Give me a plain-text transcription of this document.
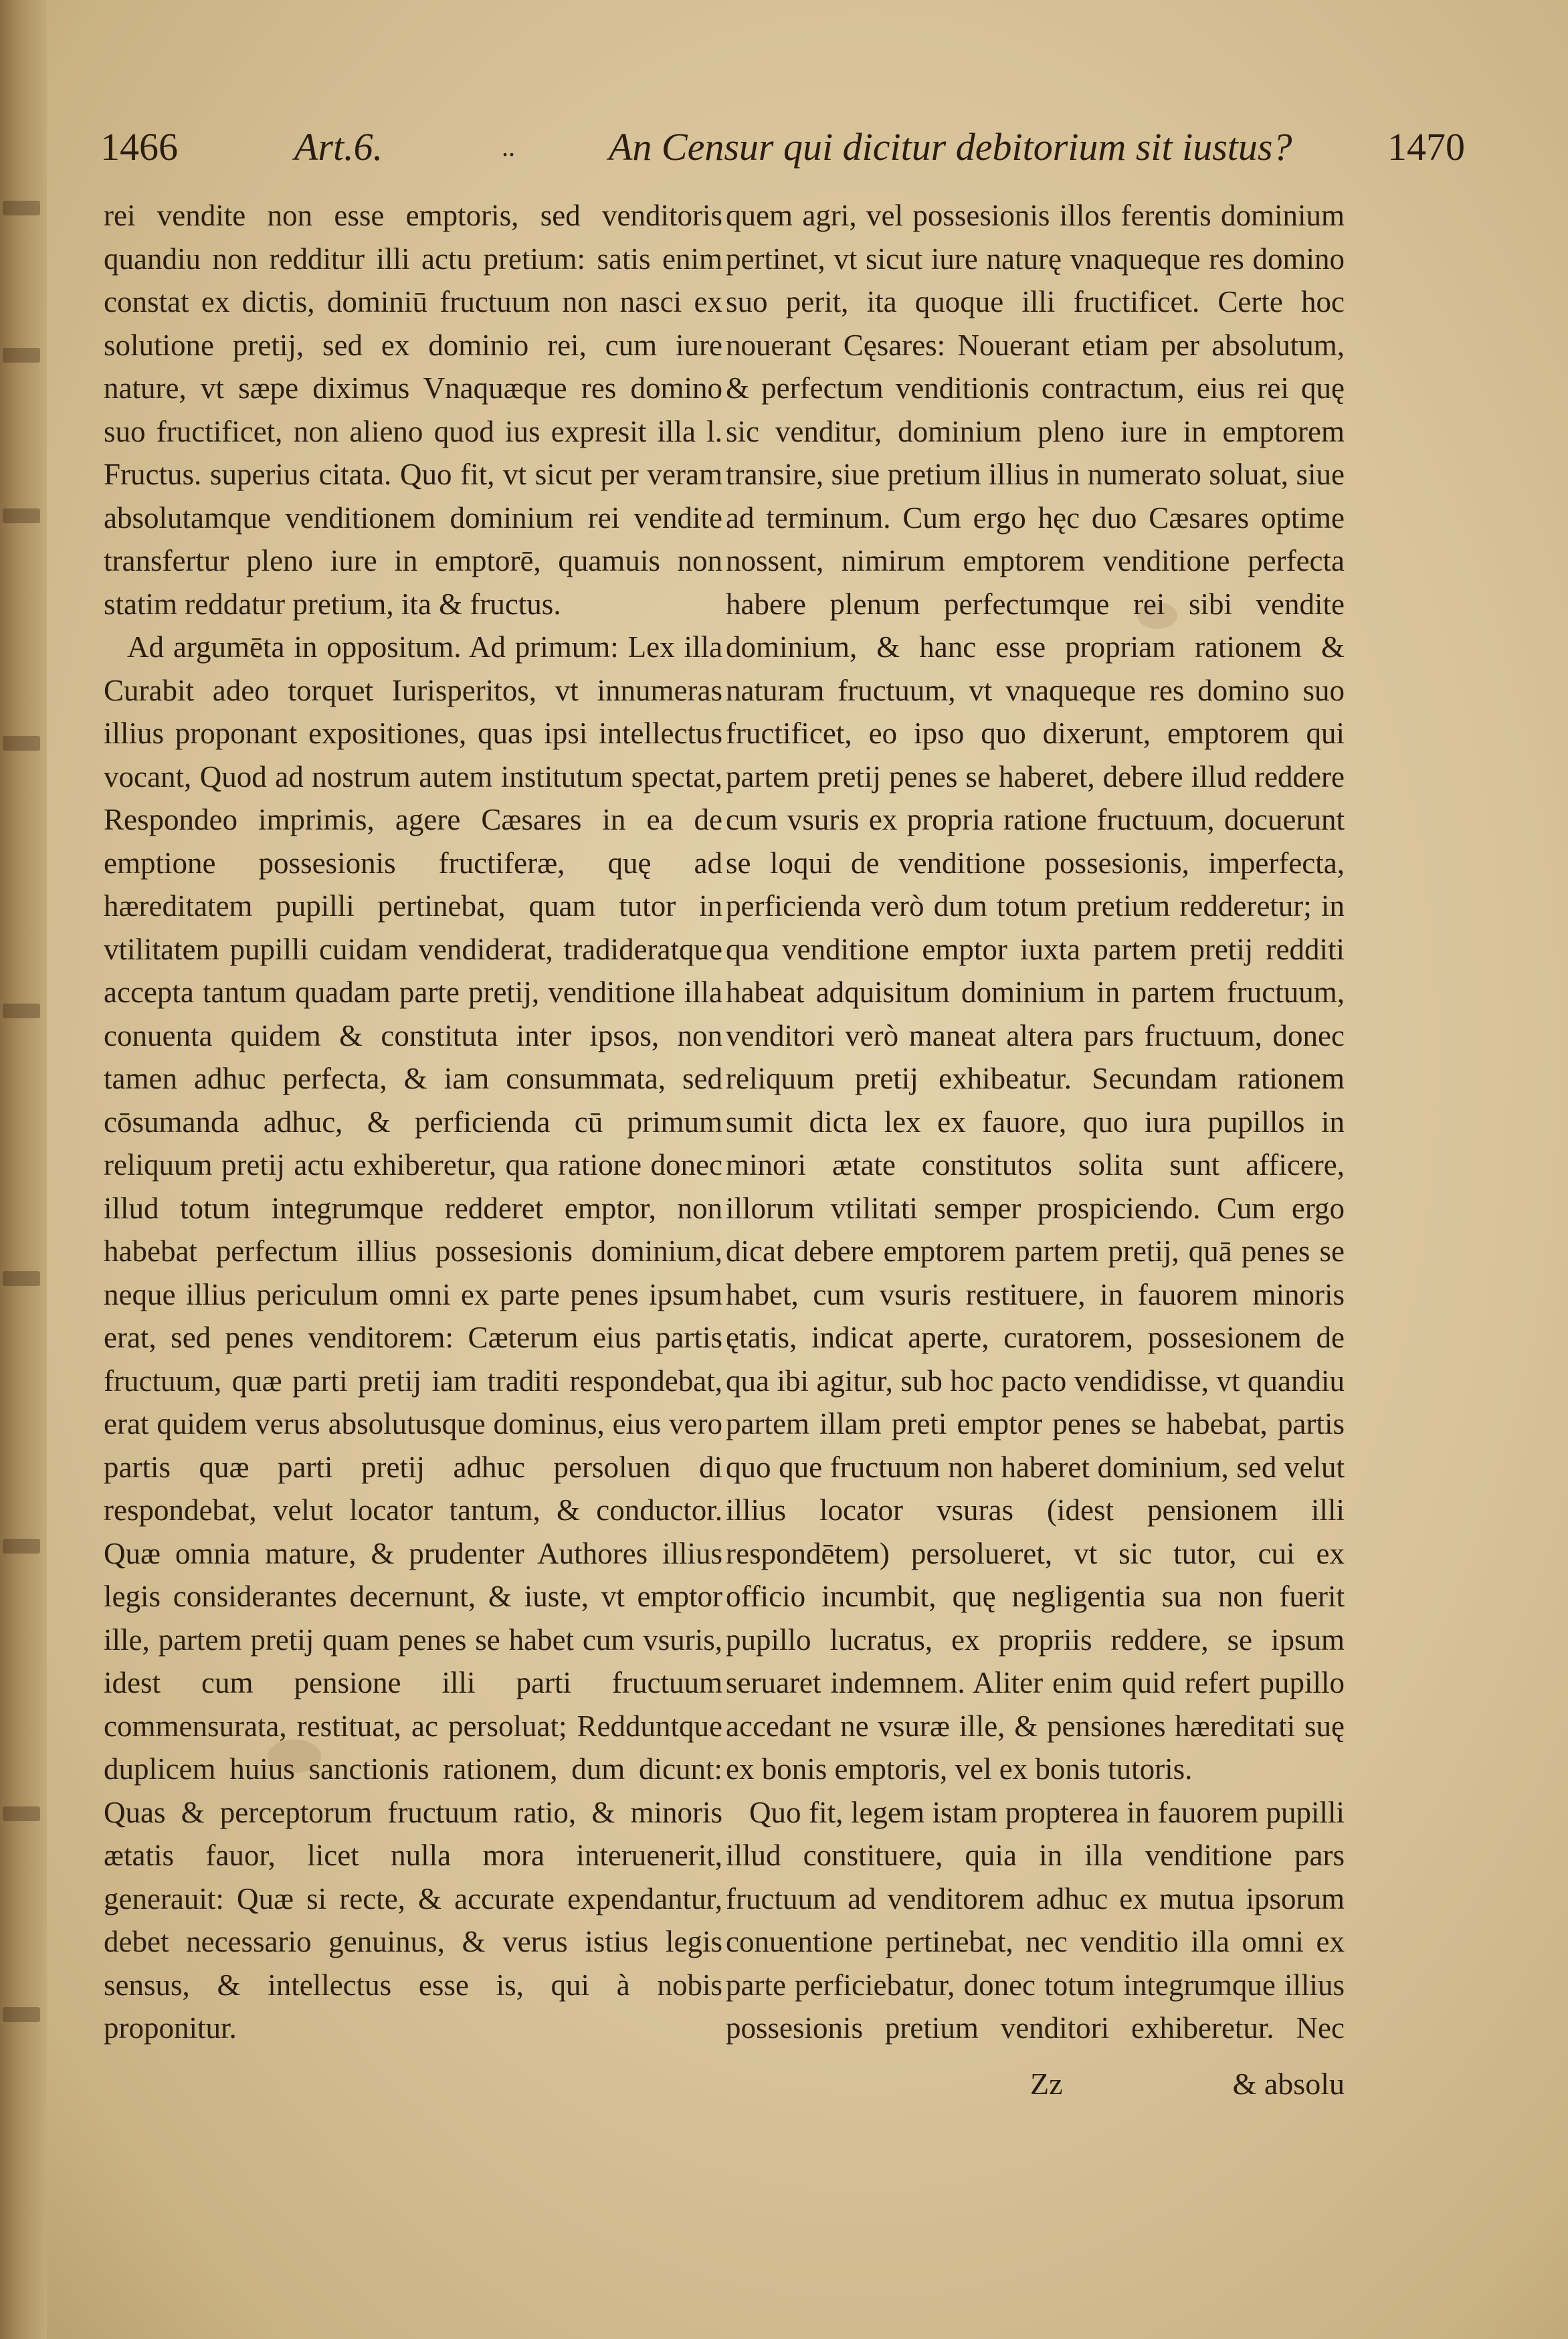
1466	Art.6.	.. An Censur qui dicitur debitorium sit iustus? 1470

rei vendite non esse emptoris, sed venditoris quandiu non redditur illi actu pretium: satis enim constat ex dictis, dominiū fructuum non nasci ex solutione pretij, sed ex dominio rei, cum iure nature, vt sæpe diximus Vnaquæque res domino suo fructificet, non alieno quod ius expresit illa l. Fructus. superius citata. Quo fit, vt sicut per veram absolutamque venditionem dominium rei vendite transfertur pleno iure in emptorē, quamuis non statim reddatur pretium, ita & fructus.

Ad argumēta in oppositum. Ad primum: Lex illa Curabit adeo torquet Iurisperitos, vt innumeras illius proponant expositiones, quas ipsi intellectus vocant, Quod ad nostrum autem institutum spectat, Respondeo imprimis, agere Cæsares in ea de emptione possesionis fructiferæ, quę ad hæreditatem pupilli pertinebat, quam tutor in vtilitatem pupilli cuidam vendiderat, tradideratque accepta tantum quadam parte pretij, venditione illa conuenta quidem & constituta inter ipsos, non tamen adhuc perfecta, & iam consummata, sed cōsumanda adhuc, & perficienda cū primum reliquum pretij actu exhiberetur, qua ratione donec illud totum integrumque redderet emptor, non habebat perfectum illius possesionis dominium, neque illius periculum omni ex parte penes ipsum erat, sed penes venditorem: Cæterum eius partis fructuum, quæ parti pretij iam traditi respondebat, erat quidem verus absolutusque dominus, eius vero partis quæ parti pretij adhuc persoluen di respondebat, velut locator tantum, & conductor. Quæ omnia mature, & prudenter Authores illius legis considerantes decernunt, & iuste, vt emptor ille, partem pretij quam penes se habet cum vsuris, idest cum pensione illi parti fructuum commensurata, restituat, ac persoluat; Redduntque duplicem huius sanctionis rationem, dum dicunt: Quas & perceptorum fructuum ratio, & minoris ætatis fauor, licet nulla mora interuenerit, generauit: Quæ si recte, & accurate expendantur, debet necessario genuinus, & verus istius legis sensus, & intellectus esse is, qui à nobis proponitur.

quem agri, vel possesionis illos ferentis dominium pertinet, vt sicut iure naturę vnaqueque res domino suo perit, ita quoque illi fructificet. Certe hoc nouerant Cęsares: Nouerant etiam per absolutum, & perfectum venditionis contractum, eius rei quę sic venditur, dominium pleno iure in emptorem transire, siue pretium illius in numerato soluat, siue ad terminum. Cum ergo hęc duo Cæsares optime nossent, nimirum emptorem venditione perfecta habere plenum perfectumque rei sibi vendite dominium, & hanc esse propriam rationem & naturam fructuum, vt vnaqueque res domino suo fructificet, eo ipso quo dixerunt, emptorem qui partem pretij penes se haberet, debere illud reddere cum vsuris ex propria ratione fructuum, docuerunt se loqui de venditione possesionis, imperfecta, perficienda verò dum totum pretium redderetur; in qua venditione emptor iuxta partem pretij redditi habeat adquisitum dominium in partem fructuum, venditori verò maneat altera pars fructuum, donec reliquum pretij exhibeatur. Secundam rationem sumit dicta lex ex fauore, quo iura pupillos in minori ætate constitutos solita sunt afficere, illorum vtilitati semper prospiciendo. Cum ergo dicat debere emptorem partem pretij, quā penes se habet, cum vsuris restituere, in fauorem minoris ętatis, indicat aperte, curatorem, possesionem de qua ibi agitur, sub hoc pacto vendidisse, vt quandiu partem illam preti emptor penes se habebat, partis quo que fructuum non haberet dominium, sed velut illius locator vsuras (idest pensionem illi respondētem) persolueret, vt sic tutor, cui ex officio incumbit, quę negligentia sua non fuerit pupillo lucratus, ex propriis reddere, se ipsum seruaret indemnem. Aliter enim quid refert pupillo accedant ne vsuræ ille, & pensiones hæreditati suę ex bonis emptoris, vel ex bonis tutoris.

Quo fit, legem istam propterea in fauorem pupilli illud constituere, quia in illa venditione pars fructuum ad venditorem adhuc ex mutua ipsorum conuentione pertinebat, nec venditio illa omni ex parte perficiebatur, donec totum integrumque illius possesionis pretium venditori exhiberetur. Nec

Zz	& absolu
